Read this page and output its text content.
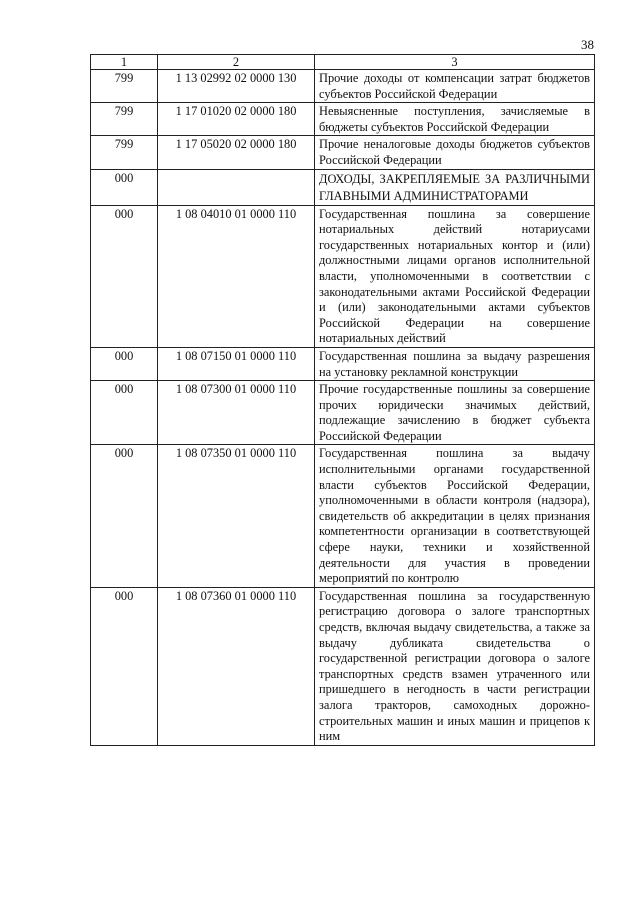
38
1	2	3
799	1 13 02992 02 0000 130	Прочие доходы от компенсации затрат бюджетов субъектов Российской Федерации
799	1 17 01020 02 0000 180	Невыясненные поступления, зачисляемые в бюджеты субъектов Российской Федерации
799	1 17 05020 02 0000 180	Прочие неналоговые доходы бюджетов субъектов Российской Федерации
000		ДОХОДЫ, ЗАКРЕПЛЯЕМЫЕ ЗА РАЗЛИЧНЫМИ ГЛАВНЫМИ АДМИНИСТРАТОРАМИ
000	1 08 04010 01 0000 110	Государственная пошлина за совершение нотариальных действий нотариусами государственных нотариальных контор и (или) должностными лицами органов исполнительной власти, уполномоченными в соответствии с законодательными актами Российской Федерации и (или) законодательными актами субъектов Российской Федерации на совершение нотариальных действий
000	1 08 07150 01 0000 110	Государственная пошлина за выдачу разрешения на установку рекламной конструкции
000	1 08 07300 01 0000 110	Прочие государственные пошлины за совершение прочих юридически значимых действий, подлежащие зачислению в бюджет субъекта Российской Федерации
000	1 08 07350 01 0000 110	Государственная пошлина за выдачу исполнительными органами государственной власти субъектов Российской Федерации, уполномоченными в области контроля (надзора), свидетельств об аккредитации в целях признания компетентности организации в соответствующей сфере науки, техники и хозяйственной деятельности для участия в проведении мероприятий по контролю
000	1 08 07360 01 0000 110	Государственная пошлина за государственную регистрацию договора о залоге транспортных средств, включая выдачу свидетельства, а также за выдачу дубликата свидетельства о государственной регистрации договора о залоге транспортных средств взамен утраченного или пришедшего в негодность в части регистрации залога тракторов, самоходных дорожно-строительных машин и иных машин и прицепов к ним
